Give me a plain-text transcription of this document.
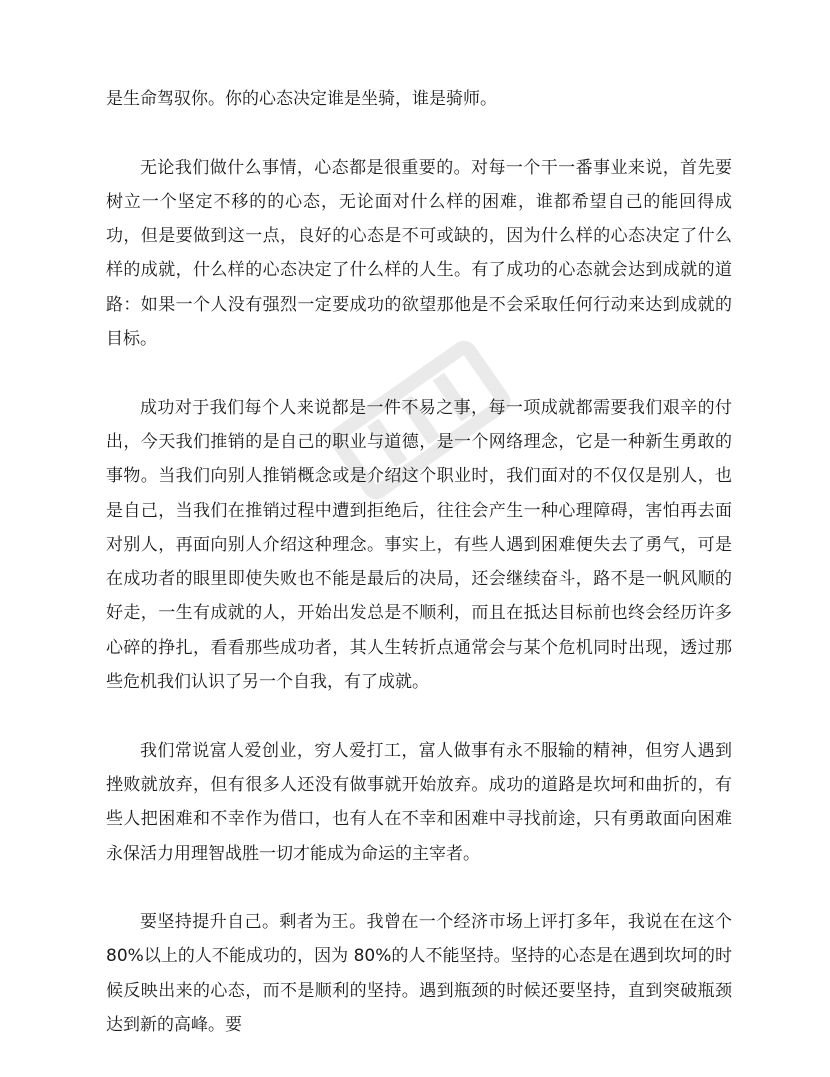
是生命驾驭你。你的心态决定谁是坐骑，谁是骑师。

无论我们做什么事情，心态都是很重要的。对每一个干一番事业来说，首先要树立一个坚定不移的的心态，无论面对什么样的困难，谁都希望自己的能回得成功，但是要做到这一点，良好的心态是不可或缺的，因为什么样的心态决定了什么样的成就，什么样的心态决定了什么样的人生。有了成功的心态就会达到成就的道路：如果一个人没有强烈一定要成功的欲望那他是不会采取任何行动来达到成就的目标。

成功对于我们每个人来说都是一件不易之事，每一项成就都需要我们艰辛的付出，今天我们推销的是自己的职业与道德，是一个网络理念，它是一种新生勇敢的事物。当我们向别人推销概念或是介绍这个职业时，我们面对的不仅仅是别人，也是自己，当我们在推销过程中遭到拒绝后，往往会产生一种心理障碍，害怕再去面对别人，再面向别人介绍这种理念。事实上，有些人遇到困难便失去了勇气，可是在成功者的眼里即使失败也不能是最后的决局，还会继续奋斗，路不是一帆风顺的好走，一生有成就的人，开始出发总是不顺利，而且在抵达目标前也终会经历许多心碎的挣扎，看看那些成功者，其人生转折点通常会与某个危机同时出现，透过那些危机我们认识了另一个自我，有了成就。

我们常说富人爱创业，穷人爱打工，富人做事有永不服输的精神，但穷人遇到挫败就放弃，但有很多人还没有做事就开始放弃。成功的道路是坎坷和曲折的，有些人把困难和不幸作为借口，也有人在不幸和困难中寻找前途，只有勇敢面向困难永保活力用理智战胜一切才能成为命运的主宰者。

要坚持提升自己。剩者为王。我曾在一个经济市场上评打多年，我说在在这个 80%以上的人不能成功的，因为 80%的人不能坚持。坚持的心态是在遇到坎坷的时候反映出来的心态，而不是顺利的坚持。遇到瓶颈的时候还要坚持，直到突破瓶颈达到新的高峰。要
